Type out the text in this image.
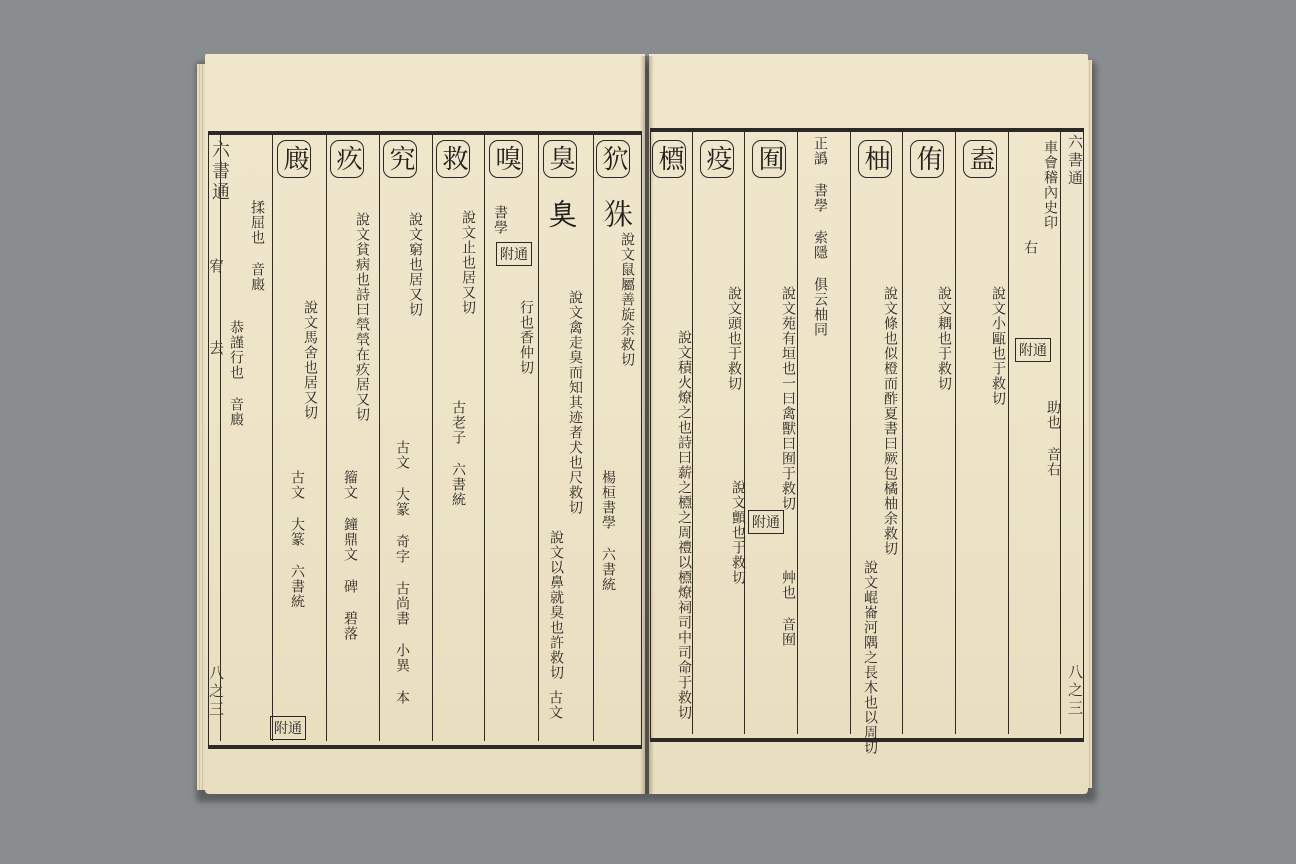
六書通
宥
去
八之三
狖
說文鼠屬善旋余救切
楊桓書學 六書統
𤝹
臭
𦤀
說文禽走臭而知其迹者犬也尺救切
說文以鼻就臭也許救切
古文
嗅
書學
附通
行也香仲切
救
說文止也居又切
古老子 六書統
究
說文窮也居又切
古文 大篆 奇字 古尚書 小異 本
疚
說文貧病也詩曰煢煢在疚居又切
籀文 鐘鼎文 碑 碧落
廄
說文馬舍也居又切
古文 大篆 六書統
附通
揉屈也 音廄
恭謹行也 音廄
六書通
八之三
車會稽內史印
右
附通
助也 音右
盍
說文小甌也于救切
侑
說文耦也于救切
柚
說文條也似橙而酢夏書曰厥包橘柚余救切
說文崐崙河隅之長木也以周切
正譌 書學 索隱 俱云柚同
囿
說文苑有垣也一曰禽獸曰囿于救切
附通
艸也 音囿
疫
說文頭也于救切
說文顫也于救切
槱
說文積火燎之也詩曰薪之槱之周禮以槱燎祠司中司命于救切
